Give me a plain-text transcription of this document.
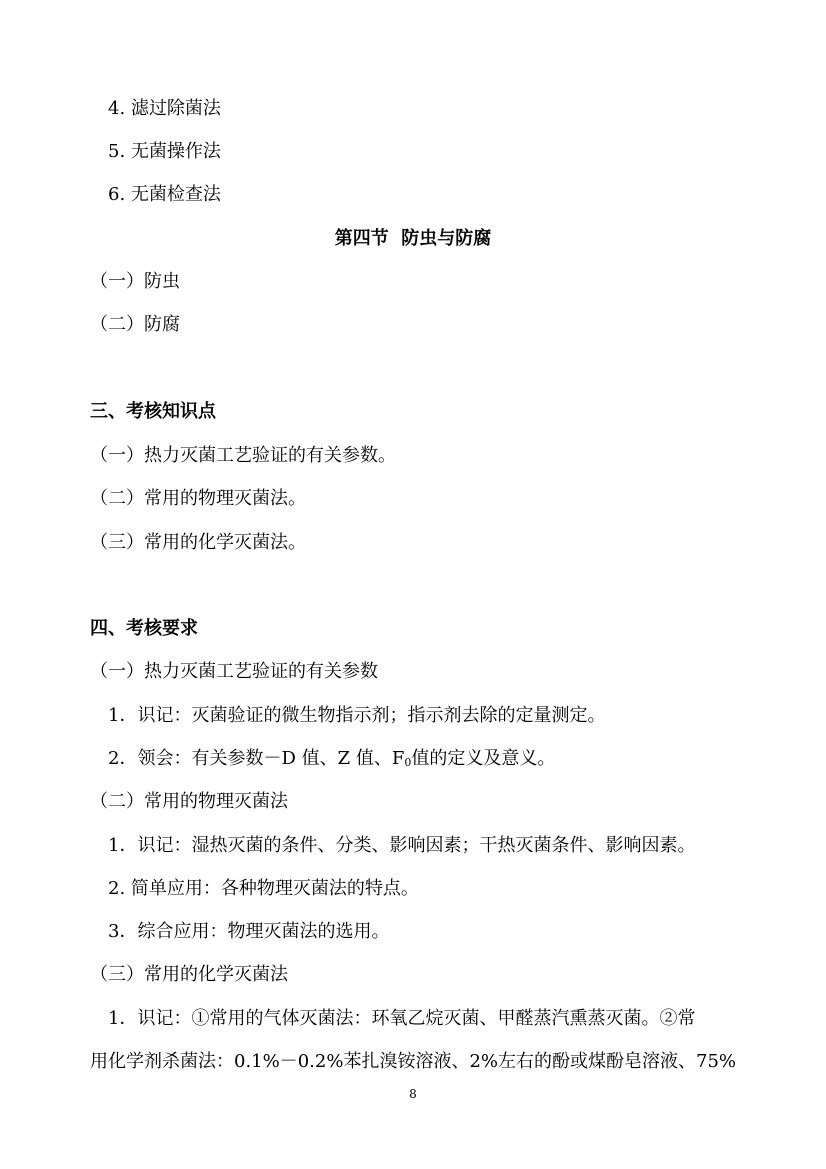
4. 滤过除菌法
5. 无菌操作法
6. 无菌检查法
第四节  防虫与防腐
（一）防虫
（二）防腐
三、考核知识点
（一）热力灭菌工艺验证的有关参数。
（二）常用的物理灭菌法。
（三）常用的化学灭菌法。
四、考核要求
（一）热力灭菌工艺验证的有关参数
1．识记：灭菌验证的微生物指示剂；指示剂去除的定量测定。
2．领会：有关参数－D 值、Z 值、$F_0$值的定义及意义。
（二）常用的物理灭菌法
1．识记：湿热灭菌的条件、分类、影响因素；干热灭菌条件、影响因素。
2. 简单应用：各种物理灭菌法的特点。
3．综合应用：物理灭菌法的选用。
（三）常用的化学灭菌法
1．识记：①常用的气体灭菌法：环氧乙烷灭菌、甲醛蒸汽熏蒸灭菌。②常
用化学剂杀菌法：0.1%－0.2%苯扎溴铵溶液、2%左右的酚或煤酚皂溶液、75%
8
